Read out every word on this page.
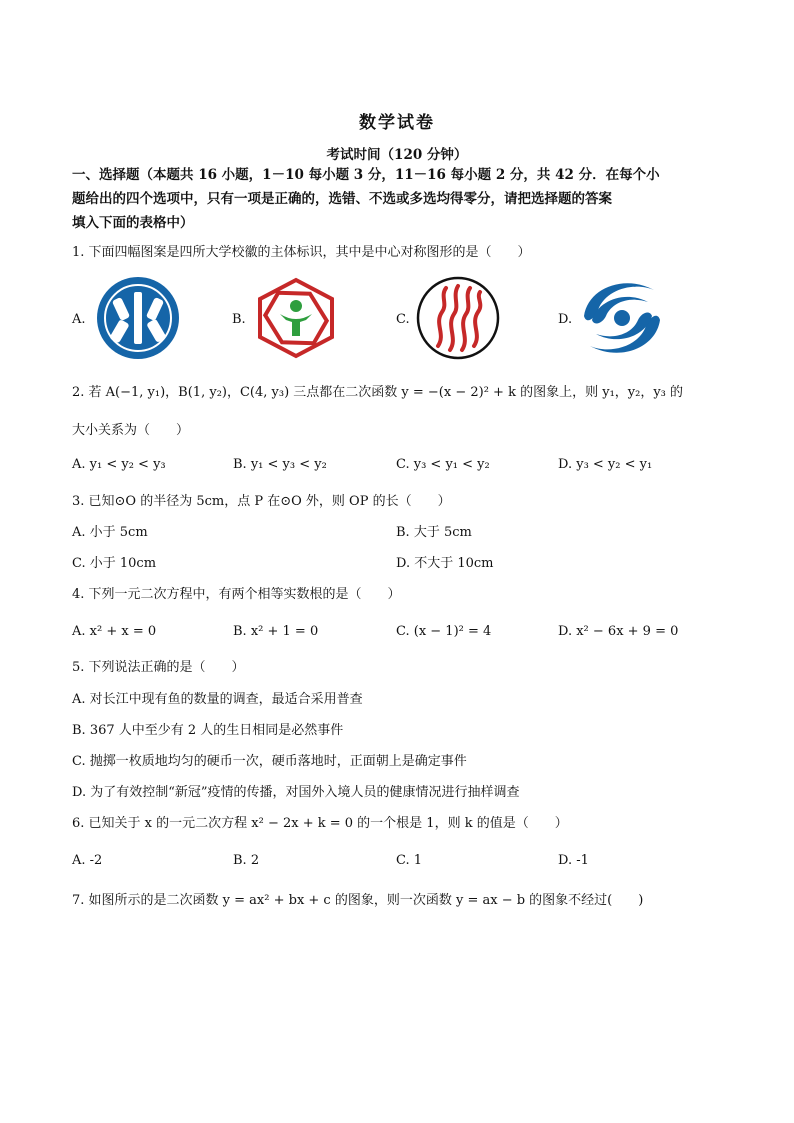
数学试卷
考试时间（120 分钟）
一、选择题（本题共 16 小题，1－10 每小题 3 分，11－16 每小题 2 分，共 42 分．在每个小
题给出的四个选项中，只有一项是正确的，选错、不选或多选均得零分，请把选择题的答案
填入下面的表格中）
1. 下面四幅图案是四所大学校徽的主体标识，其中是中心对称图形的是（　　）
A.	B.	C.	D.
2. 若 A(−1, y₁)，B(1, y₂)，C(4, y₃) 三点都在二次函数 y = −(x − 2)² + k 的图象上，则 y₁，y₂，y₃ 的
大小关系为（　　）
A. y₁ < y₂ < y₃	B. y₁ < y₃ < y₂	C. y₃ < y₁ < y₂	D. y₃ < y₂ < y₁
3. 已知⊙O 的半径为 5cm，点 P 在⊙O 外，则 OP 的长（　　）
A. 小于 5cm	B. 大于 5cm
C. 小于 10cm	D. 不大于 10cm
4. 下列一元二次方程中，有两个相等实数根的是（　　）
A. x² + x = 0	B. x² + 1 = 0	C. (x − 1)² = 4	D. x² − 6x + 9 = 0
5. 下列说法正确的是（　　）
A. 对长江中现有鱼的数量的调查，最适合采用普查
B. 367 人中至少有 2 人的生日相同是必然事件
C. 抛掷一枚质地均匀的硬币一次，硬币落地时，正面朝上是确定事件
D. 为了有效控制“新冠”疫情的传播，对国外入境人员的健康情况进行抽样调查
6. 已知关于 x 的一元二次方程 x² − 2x + k = 0 的一个根是 1，则 k 的值是（　　）
A. -2	B. 2	C. 1	D. -1
7. 如图所示的是二次函数 y = ax² + bx + c 的图象，则一次函数 y = ax − b 的图象不经过(　　)
